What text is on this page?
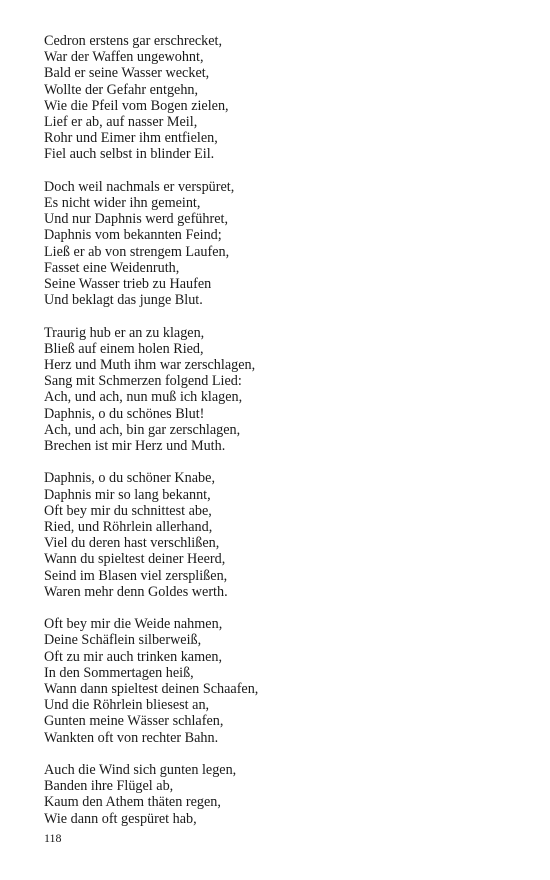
Cedron erstens gar erschrecket,
War der Waffen ungewohnt,
Bald er seine Wasser wecket,
Wollte der Gefahr entgehn,
Wie die Pfeil vom Bogen zielen,
Lief er ab, auf nasser Meil,
Rohr und Eimer ihm entfielen,
Fiel auch selbst in blinder Eil.
Doch weil nachmals er verspüret,
Es nicht wider ihn gemeint,
Und nur Daphnis werd geführet,
Daphnis vom bekannten Feind;
Ließ er ab von strengem Laufen,
Fasset eine Weidenruth,
Seine Wasser trieb zu Haufen
Und beklagt das junge Blut.
Traurig hub er an zu klagen,
Bließ auf einem holen Ried,
Herz und Muth ihm war zerschlagen,
Sang mit Schmerzen folgend Lied:
Ach, und ach, nun muß ich klagen,
Daphnis, o du schönes Blut!
Ach, und ach, bin gar zerschlagen,
Brechen ist mir Herz und Muth.
Daphnis, o du schöner Knabe,
Daphnis mir so lang bekannt,
Oft bey mir du schnittest abe,
Ried, und Röhrlein allerhand,
Viel du deren hast verschlißen,
Wann du spieltest deiner Heerd,
Seind im Blasen viel zersplißen,
Waren mehr denn Goldes werth.
Oft bey mir die Weide nahmen,
Deine Schäflein silberweiß,
Oft zu mir auch trinken kamen,
In den Sommertagen heiß,
Wann dann spieltest deinen Schaafen,
Und die Röhrlein bliesest an,
Gunten meine Wässer schlafen,
Wankten oft von rechter Bahn.
Auch die Wind sich gunten legen,
Banden ihre Flügel ab,
Kaum den Athem thäten regen,
Wie dann oft gespüret hab,
118
